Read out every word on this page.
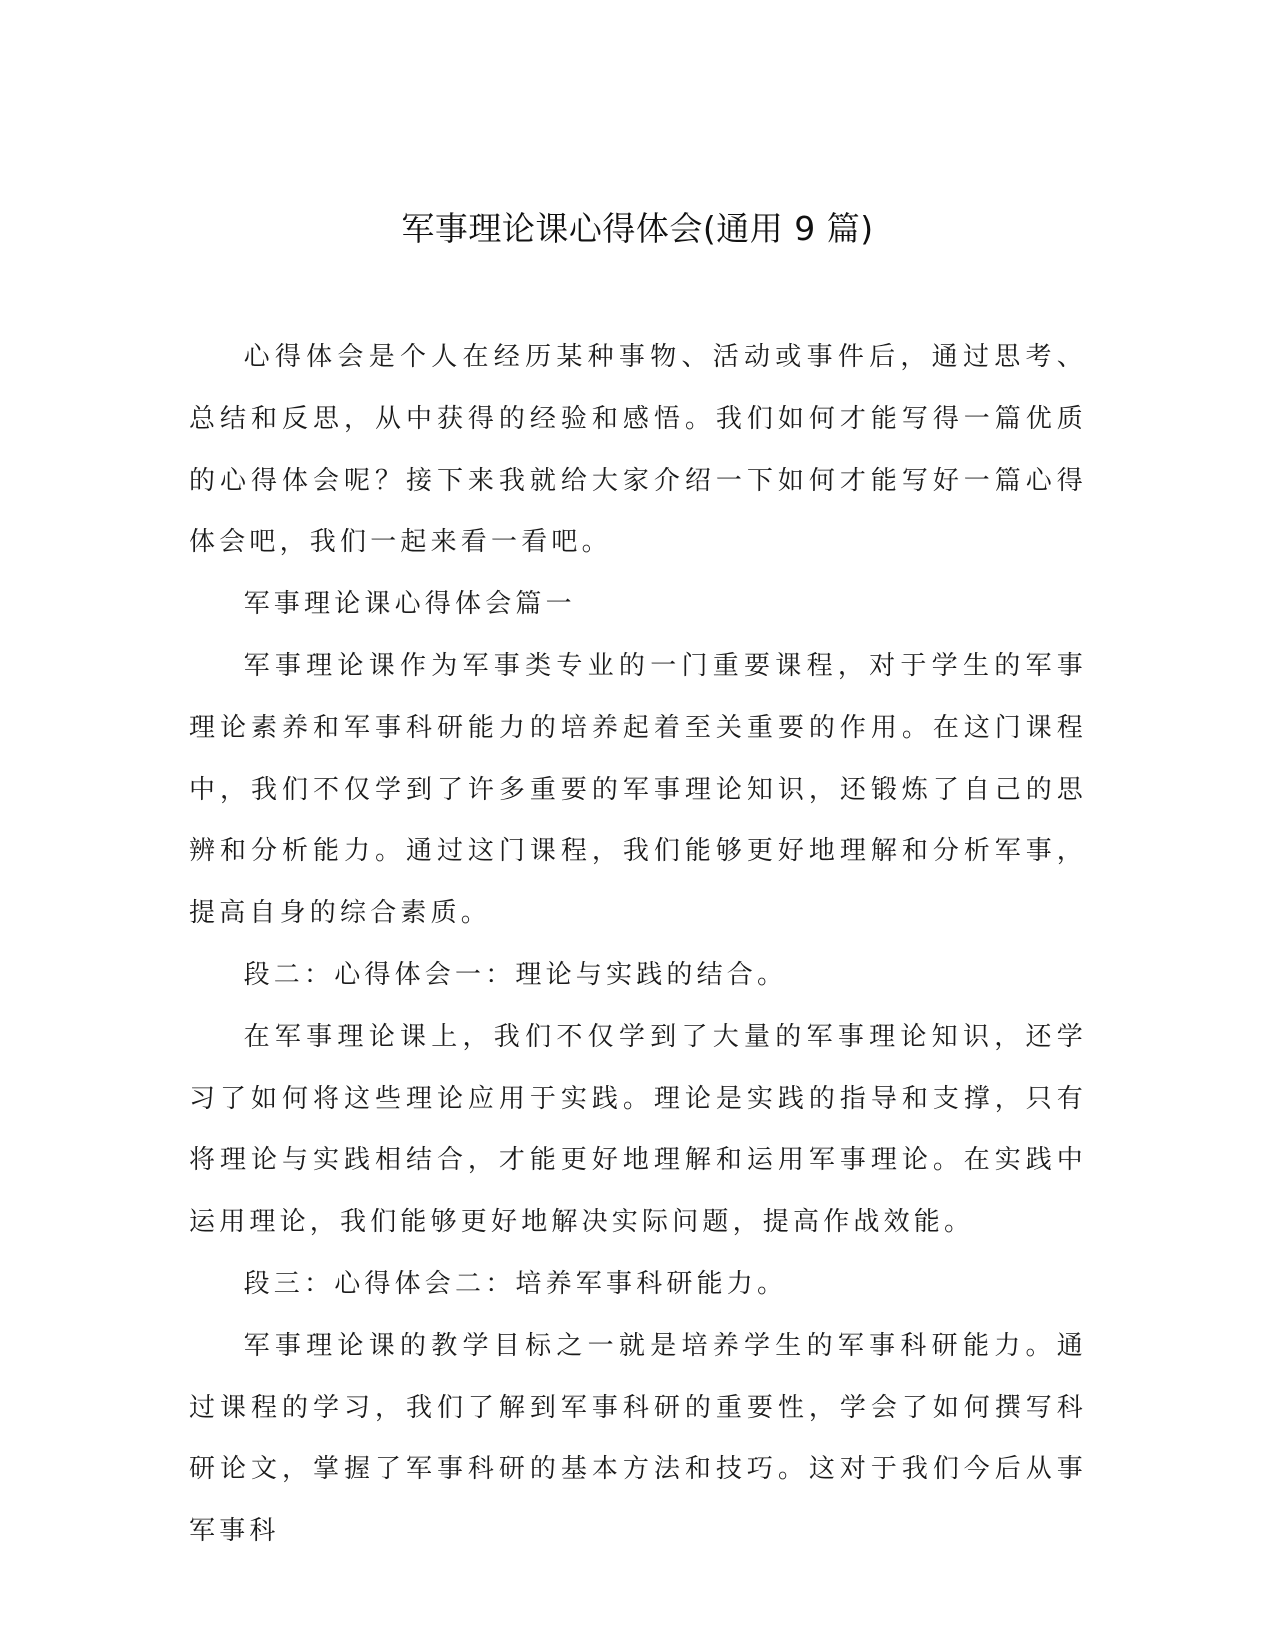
军事理论课心得体会(通用 9 篇)

心得体会是个人在经历某种事物、活动或事件后，通过思考、总结和反思，从中获得的经验和感悟。我们如何才能写得一篇优质的心得体会呢？接下来我就给大家介绍一下如何才能写好一篇心得体会吧，我们一起来看一看吧。

军事理论课心得体会篇一

军事理论课作为军事类专业的一门重要课程，对于学生的军事理论素养和军事科研能力的培养起着至关重要的作用。在这门课程中，我们不仅学到了许多重要的军事理论知识，还锻炼了自己的思辨和分析能力。通过这门课程，我们能够更好地理解和分析军事，提高自身的综合素质。

段二：心得体会一：理论与实践的结合。

在军事理论课上，我们不仅学到了大量的军事理论知识，还学习了如何将这些理论应用于实践。理论是实践的指导和支撑，只有将理论与实践相结合，才能更好地理解和运用军事理论。在实践中运用理论，我们能够更好地解决实际问题，提高作战效能。

段三：心得体会二：培养军事科研能力。

军事理论课的教学目标之一就是培养学生的军事科研能力。通过课程的学习，我们了解到军事科研的重要性，学会了如何撰写科研论文，掌握了军事科研的基本方法和技巧。这对于我们今后从事军事科
